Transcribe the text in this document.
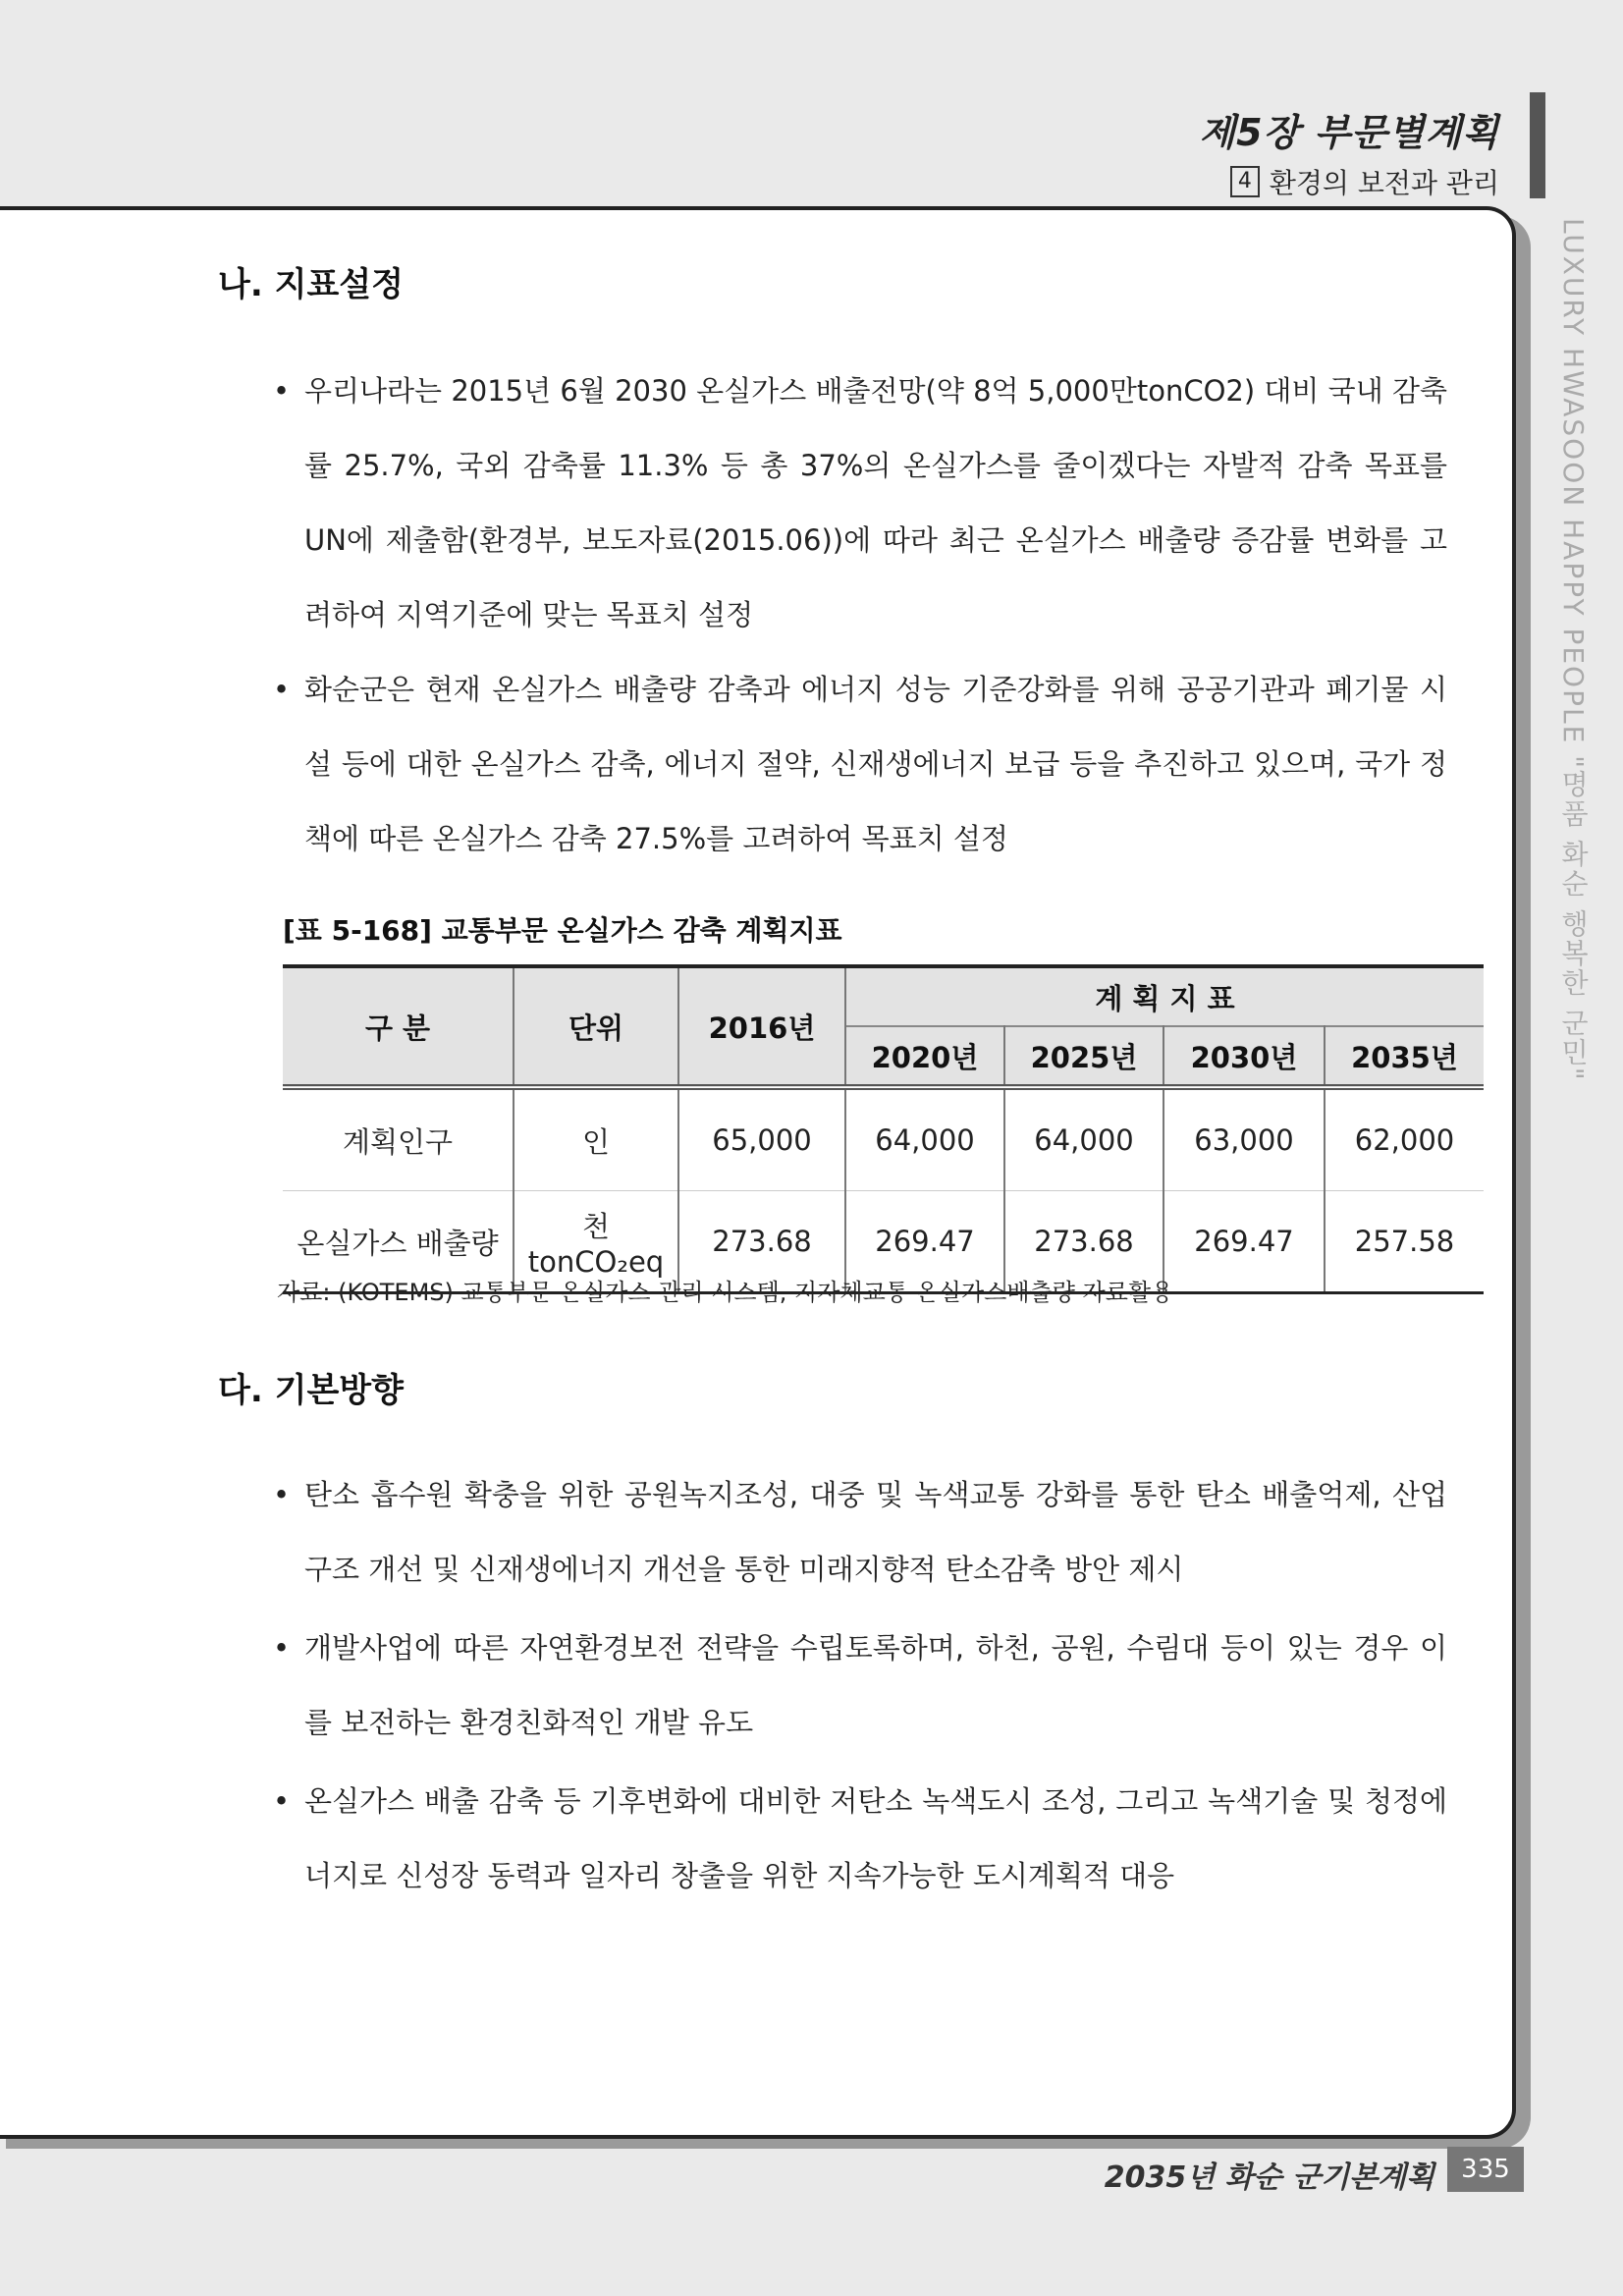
제5장 부문별계획
4 환경의 보전과 관리
LUXURY HWASOON HAPPY PEOPLE "명품 화순 행복한 군민"
나. 지표설정
• 우리나라는 2015년 6월 2030 온실가스 배출전망(약 8억 5,000만tonCO2) 대비 국내 감축률 25.7%, 국외 감축률 11.3% 등 총 37%의 온실가스를 줄이겠다는 자발적 감축 목표를 UN에 제출함(환경부, 보도자료(2015.06))에 따라 최근 온실가스 배출량 증감률 변화를 고려하여 지역기준에 맞는 목표치 설정
• 화순군은 현재 온실가스 배출량 감축과 에너지 성능 기준강화를 위해 공공기관과 폐기물 시설 등에 대한 온실가스 감축, 에너지 절약, 신재생에너지 보급 등을 추진하고 있으며, 국가 정책에 따른 온실가스 감축 27.5%를 고려하여 목표치 설정
[표 5-168] 교통부문 온실가스 감축 계획지표
구 분	단위	2016년	계 획 지 표			
			2020년	2025년	2030년	2035년
계획인구	인	65,000	64,000	64,000	63,000	62,000
온실가스 배출량	천tonCO₂eq	273.68	269.47	273.68	269.47	257.58
자료: (KOTEMS) 교통부문 온실가스 관리 시스템, 지자체교통 온실가스배출량 자료활용
다. 기본방향
• 탄소 흡수원 확충을 위한 공원녹지조성, 대중 및 녹색교통 강화를 통한 탄소 배출억제, 산업구조 개선 및 신재생에너지 개선을 통한 미래지향적 탄소감축 방안 제시
• 개발사업에 따른 자연환경보전 전략을 수립토록하며, 하천, 공원, 수림대 등이 있는 경우 이를 보전하는 환경친화적인 개발 유도
• 온실가스 배출 감축 등 기후변화에 대비한 저탄소 녹색도시 조성, 그리고 녹색기술 및 청정에너지로 신성장 동력과 일자리 창출을 위한 지속가능한 도시계획적 대응
2035년 화순 군기본계획	335
